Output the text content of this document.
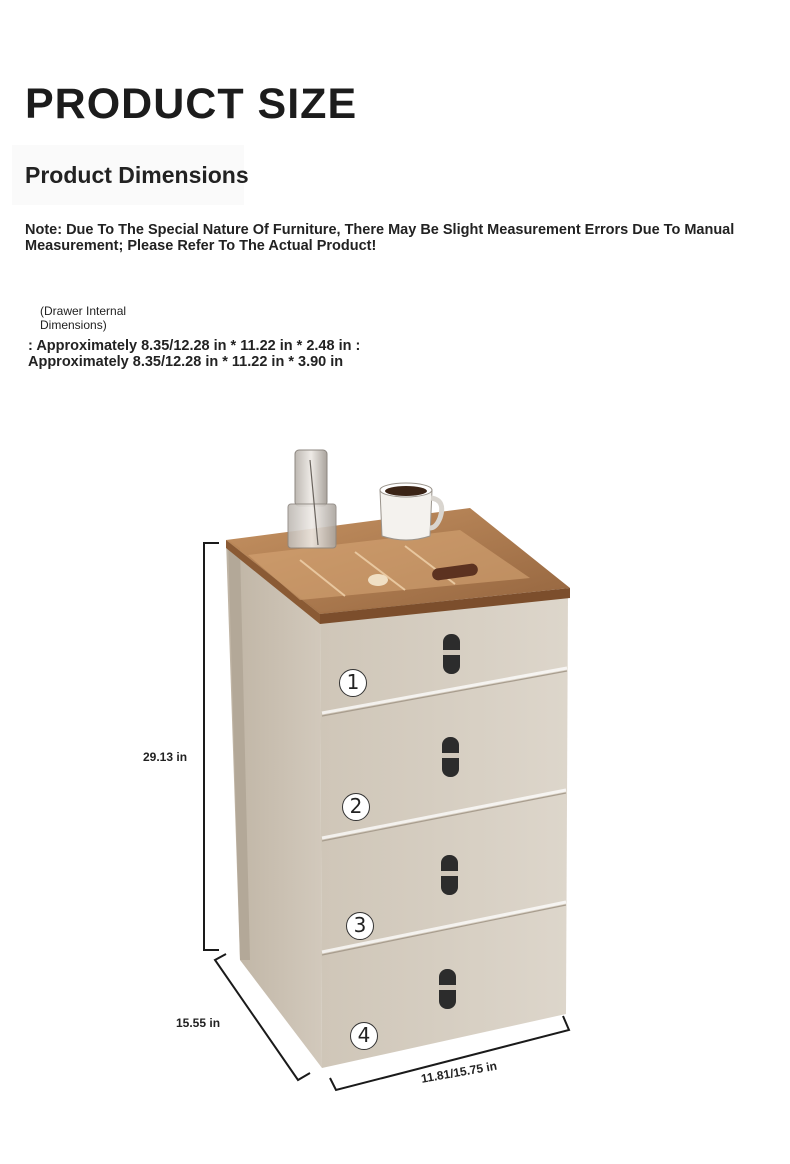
PRODUCT SIZE
Product Dimensions

Note: Due To The Special Nature Of Furniture, There May Be Slight Measurement Errors Due To Manual Measurement; Please Refer To The Actual Product!

(Drawer Internal Dimensions)
: Approximately 8.35/12.28 in * 11.22 in * 2.48 in :
Approximately 8.35/12.28 in * 11.22 in * 3.90 in
1
2
3
4
29.13 in
15.55 in
11.81/15.75 in
